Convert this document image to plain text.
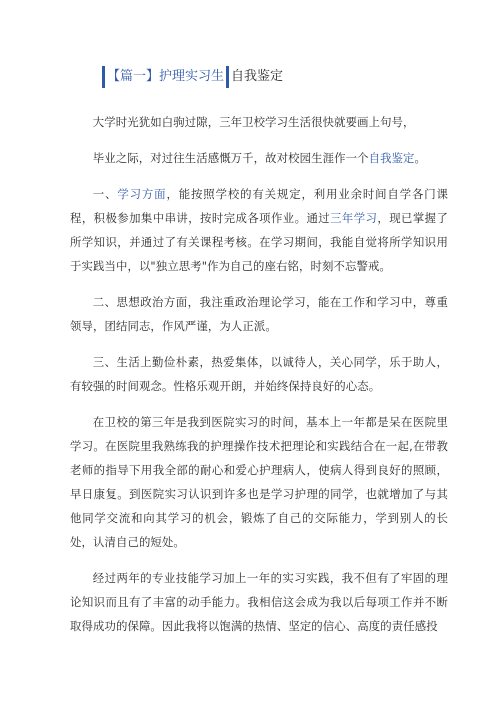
【篇一】护理实习生 自我鉴定

大学时光犹如白驹过隙，三年卫校学习生活很快就要画上句号，

毕业之际，对过往生活感慨万千，故对校园生涯作一个自我鉴定。

一、学习方面，能按照学校的有关规定，利用业余时间自学各门课程，积极参加集中串讲，按时完成各项作业。通过三年学习，现已掌握了所学知识，并通过了有关课程考核。在学习期间，我能自觉将所学知识用于实践当中，以"独立思考"作为自己的座右铭，时刻不忘警戒。

二、思想政治方面，我注重政治理论学习，能在工作和学习中，尊重领导，团结同志，作风严谨，为人正派。

三、生活上勤俭朴素，热爱集体，以诚待人，关心同学，乐于助人，有较强的时间观念。性格乐观开朗，并始终保持良好的心态。

在卫校的第三年是我到医院实习的时间，基本上一年都是呆在医院里学习。在医院里我熟练我的护理操作技术把理论和实践结合在一起,在带教老师的指导下用我全部的耐心和爱心护理病人，使病人得到良好的照顾，早日康复。到医院实习认识到许多也是学习护理的同学，也就增加了与其他同学交流和向其学习的机会，锻炼了自己的交际能力，学到别人的长处，认清自己的短处。

经过两年的专业技能学习加上一年的实习实践，我不但有了牢固的理论知识而且有了丰富的动手能力。我相信这会成为我以后每项工作并不断取得成功的保障。因此我将以饱满的热情、坚定的信心、高度的责任感投
